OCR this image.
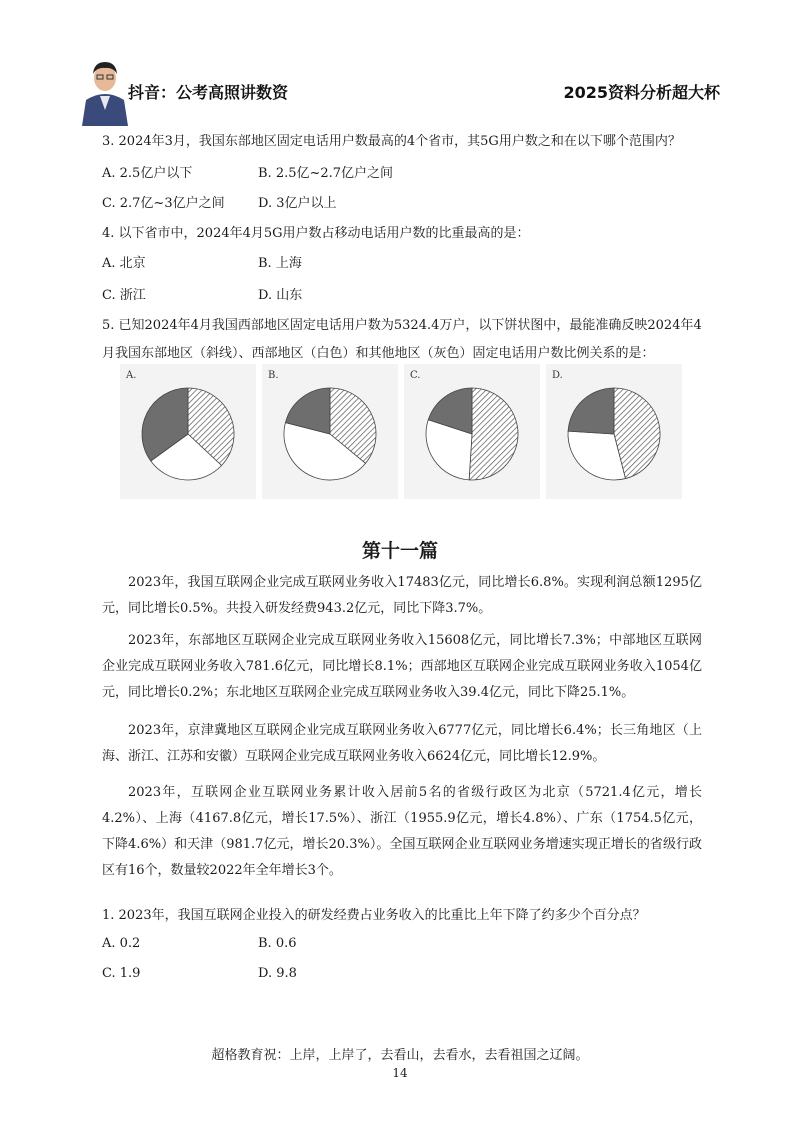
抖音：公考高照讲数资	2025资料分析超大杯
3. 2024年3月，我国东部地区固定电话用户数最高的4个省市，其5G用户数之和在以下哪个范围内？
A. 2.5亿户以下	B. 2.5亿~2.7亿户之间
C. 2.7亿~3亿户之间	D. 3亿户以上
4. 以下省市中，2024年4月5G用户数占移动电话用户数的比重最高的是：
A. 北京	B. 上海
C. 浙江	D. 山东
5. 已知2024年4月我国西部地区固定电话用户数为5324.4万户，以下饼状图中，最能准确反映2024年4
月我国东部地区（斜线）、西部地区（白色）和其他地区（灰色）固定电话用户数比例关系的是：
A.	B.	C.	D.
第十一篇
2023年，我国互联网企业完成互联网业务收入17483亿元，同比增长6.8%。实现利润总额1295亿元，同比增长0.5%。共投入研发经费943.2亿元，同比下降3.7%。
2023年，东部地区互联网企业完成互联网业务收入15608亿元，同比增长7.3%；中部地区互联网企业完成互联网业务收入781.6亿元，同比增长8.1%；西部地区互联网企业完成互联网业务收入1054亿元，同比增长0.2%；东北地区互联网企业完成互联网业务收入39.4亿元，同比下降25.1%。
2023年，京津冀地区互联网企业完成互联网业务收入6777亿元，同比增长6.4%；长三角地区（上海、浙江、江苏和安徽）互联网企业完成互联网业务收入6624亿元，同比增长12.9%。
2023年，互联网企业互联网业务累计收入居前5名的省级行政区为北京（5721.4亿元，增长4.2%）、上海（4167.8亿元，增长17.5%）、浙江（1955.9亿元，增长4.8%）、广东（1754.5亿元，下降4.6%）和天津（981.7亿元，增长20.3%）。全国互联网企业互联网业务增速实现正增长的省级行政区有16个，数量较2022年全年增长3个。
1. 2023年，我国互联网企业投入的研发经费占业务收入的比重比上年下降了约多少个百分点？
A. 0.2	B. 0.6
C. 1.9	D. 9.8
超格教育祝：上岸，上岸了，去看山，去看水，去看祖国之辽阔。
14
